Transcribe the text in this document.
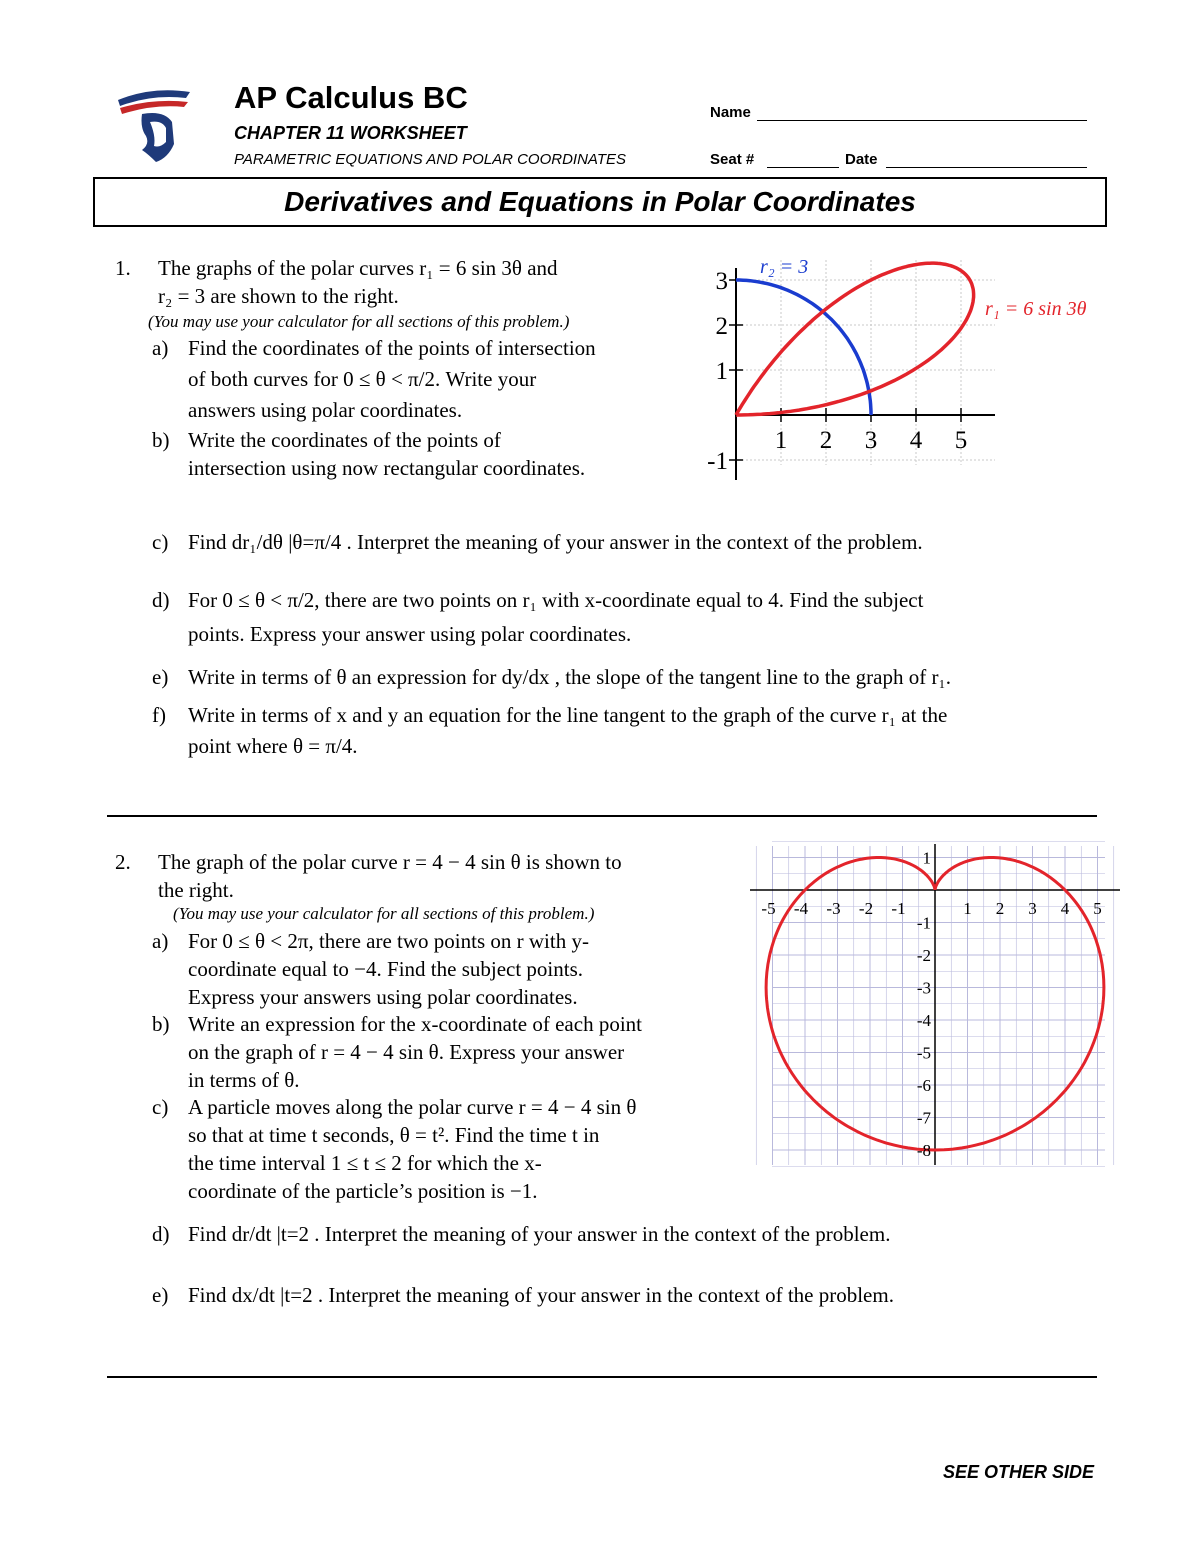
AP Calculus BC
CHAPTER 11 WORKSHEET
PARAMETRIC EQUATIONS AND POLAR COORDINATES
Name
Seat #	Date
Derivatives and Equations in Polar Coordinates
1. The graphs of the polar curves r₁ = 6 sin 3θ and
r₂ = 3 are shown to the right.
(You may use your calculator for all sections of this problem.)
a) Find the coordinates of the points of intersection
of both curves for 0 ≤ θ < π/2. Write your
answers using polar coordinates.
b) Write the coordinates of the points of
intersection using now rectangular coordinates.
c) Find dr₁/dθ |θ=π/4 . Interpret the meaning of your answer in the context of the problem.
d) For 0 ≤ θ < π/2, there are two points on r₁ with x-coordinate equal to 4. Find the subject
points. Express your answer using polar coordinates.
e) Write in terms of θ an expression for dy/dx , the slope of the tangent line to the graph of r₁.
f) Write in terms of x and y an equation for the line tangent to the graph of the curve r₁ at the
point where θ = π/4.
1 2 3 4 5
3
2
1
-1
r₂ = 3
r₁ = 6 sin 3θ
2. The graph of the polar curve r = 4 − 4 sin θ is shown to
the right.
(You may use your calculator for all sections of this problem.)
a) For 0 ≤ θ < 2π, there are two points on r with y-
coordinate equal to −4. Find the subject points.
Express your answers using polar coordinates.
b) Write an expression for the x-coordinate of each point
on the graph of r = 4 − 4 sin θ. Express your answer
in terms of θ.
c) A particle moves along the polar curve r = 4 − 4 sin θ
so that at time t seconds, θ = t². Find the time t in
the time interval 1 ≤ t ≤ 2 for which the x-
coordinate of the particle’s position is −1.
d) Find dr/dt |t=2 . Interpret the meaning of your answer in the context of the problem.
e) Find dx/dt |t=2 . Interpret the meaning of your answer in the context of the problem.
-5 -4 -3 -2 -1	1 2 3 4 5
1
-1
-2
-3
-4
-5
-6
-7
-8
SEE OTHER SIDE
